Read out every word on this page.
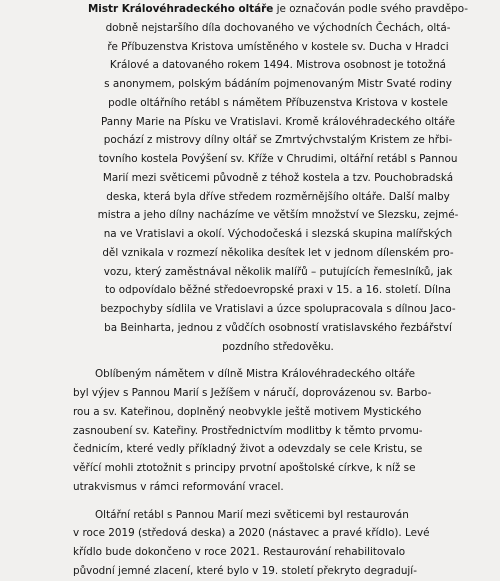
Mistr Královéhradeckého oltáře je označován podle svého pravděpo-
dobně nejstaršího díla dochovaného ve východních Čechách, oltá-
ře Příbuzenstva Kristova umístěného v kostele sv. Ducha v Hradci
Králové a datovaného rokem 1494. Mistrova osobnost je totožná
s anonymem, polským bádáním pojmenovaným Mistr Svaté rodiny
podle oltářního retábl s námětem Příbuzenstva Kristova v kostele
Panny Marie na Písku ve Vratislavi. Kromě královéhradeckého oltáře
pochází z mistrovy dílny oltář se Zmrtvýchvstalým Kristem ze hřbi-
tovního kostela Povýšení sv. Kříže v Chrudimi, oltářní retábl s Pannou
Marií mezi světicemi původně z téhož kostela a tzv. Pouchobradská
deska, která byla dříve středem rozměrnějšího oltáře. Další malby
mistra a jeho dílny nacházíme ve větším množství ve Slezsku, zejmé-
na ve Vratislavi a okolí. Východočeská i slezská skupina malířských
děl vznikala v rozmezí několika desítek let v jednom dílenském pro-
vozu, který zaměstnával několik malířů – putujících řemeslníků, jak
to odpovídalo běžné středoevropské praxi v 15. a 16. století. Dílna
bezpochyby sídlila ve Vratislavi a úzce spolupracovala s dílnou Jaco-
ba Beinharta, jednou z vůdčích osobností vratislavského řezbářství
pozdního středověku.
Oblíbeným námětem v dílně Mistra Královéhradeckého oltáře
byl výjev s Pannou Marií s Ježíšem v náručí, doprovázenou sv. Barbo-
rou a sv. Kateřinou, doplněný neobvykle ještě motivem Mystického
zasnoubení sv. Kateřiny. Prostřednictvím modlitby k těmto prvomu-
čednicím, které vedly příkladný život a odevzdaly se cele Kristu, se
věřící mohli ztotožnit s principy prvotní apoštolské církve, k níž se
utrakvismus v rámci reformování vracel.
Oltářní retábl s Pannou Marií mezi světicemi byl restaurován
v roce 2019 (středová deska) a 2020 (nástavec a pravé křídlo). Levé
křídlo bude dokončeno v roce 2021. Restaurování rehabilitovalo
původní jemné zlacení, které bylo v 19. století překryto degradují-
